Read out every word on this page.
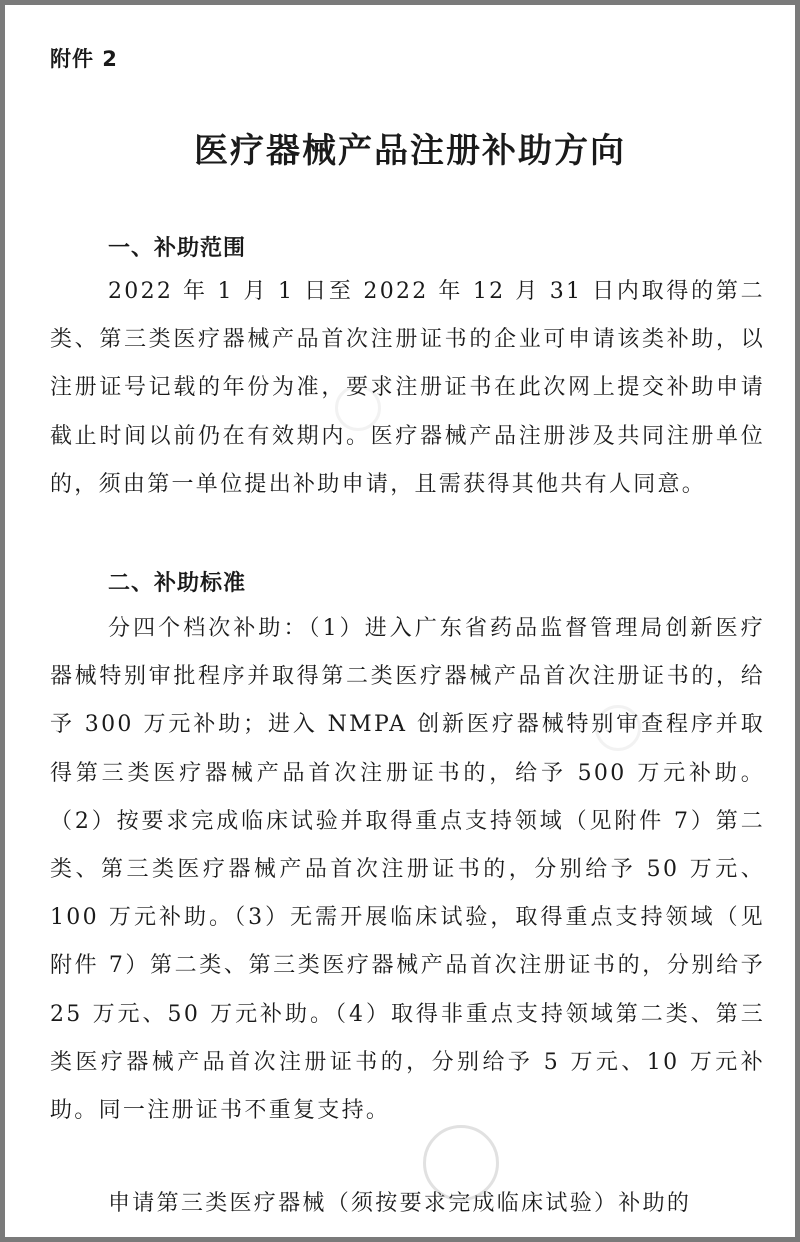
附件 2
医疗器械产品注册补助方向
一、补助范围
2022 年 1 月 1 日至 2022 年 12 月 31 日内取得的第二类、第三类医疗器械产品首次注册证书的企业可申请该类补助，以注册证号记载的年份为准，要求注册证书在此次网上提交补助申请截止时间以前仍在有效期内。医疗器械产品注册涉及共同注册单位的，须由第一单位提出补助申请，且需获得其他共有人同意。
二、补助标准
分四个档次补助：（1）进入广东省药品监督管理局创新医疗器械特别审批程序并取得第二类医疗器械产品首次注册证书的，给予 300 万元补助；进入 NMPA 创新医疗器械特别审查程序并取得第三类医疗器械产品首次注册证书的，给予 500 万元补助。（2）按要求完成临床试验并取得重点支持领域（见附件 7）第二类、第三类医疗器械产品首次注册证书的，分别给予 50 万元、100 万元补助。（3）无需开展临床试验，取得重点支持领域（见附件 7）第二类、第三类医疗器械产品首次注册证书的，分别给予 25 万元、50 万元补助。（4）取得非重点支持领域第二类、第三类医疗器械产品首次注册证书的，分别给予 5 万元、10 万元补助。同一注册证书不重复支持。
申请第三类医疗器械（须按要求完成临床试验）补助的
